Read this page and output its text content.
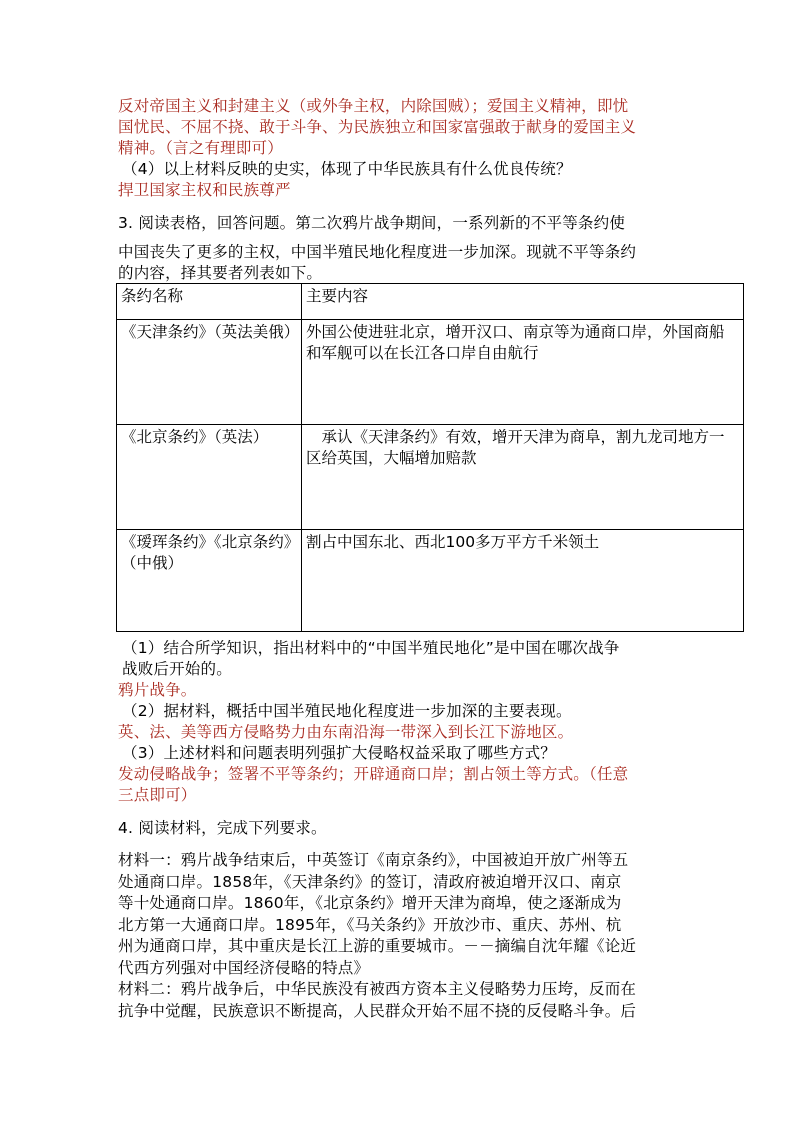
反对帝国主义和封建主义（或外争主权，内除国贼）；爱国主义精神，即忧
国忧民、不屈不挠、敢于斗争、为民族独立和国家富强敢于献身的爱国主义
精神。（言之有理即可）
（4）以上材料反映的史实，体现了中华民族具有什么优良传统？
捍卫国家主权和民族尊严
3. 阅读表格，回答问题。第二次鸦片战争期间，一系列新的不平等条约使
中国丧失了更多的主权，中国半殖民地化程度进一步加深。现就不平等条约
的内容，择其要者列表如下。
条约名称	主要内容
《天津条约》（英法美俄）	外国公使进驻北京，增开汉口、南京等为通商口岸，外国商船和军舰可以在长江各口岸自由航行
《北京条约》（英法）	　承认《天津条约》有效，增开天津为商阜，割九龙司地方一区给英国，大幅增加赔款
《瑷珲条约》《北京条约》（中俄）	割占中国东北、西北100多万平方千米领土
（1）结合所学知识，指出材料中的“中国半殖民地化”是中国在哪次战争
战败后开始的。
鸦片战争。
（2）据材料，概括中国半殖民地化程度进一步加深的主要表现。
英、法、美等西方侵略势力由东南沿海一带深入到长江下游地区。
（3）上述材料和问题表明列强扩大侵略权益采取了哪些方式？
发动侵略战争；签署不平等条约；开辟通商口岸；割占领土等方式。（任意
三点即可）
4. 阅读材料，完成下列要求。
材料一：鸦片战争结束后，中英签订《南京条约》，中国被迫开放广州等五
处通商口岸。1858年，《天津条约》的签订，清政府被迫增开汉口、南京
等十处通商口岸。1860年，《北京条约》增开天津为商埠，使之逐渐成为
北方第一大通商口岸。1895年，《马关条约》开放沙市、重庆、苏州、杭
州为通商口岸，其中重庆是长江上游的重要城市。－－摘编自沈年耀《论近
代西方列强对中国经济侵略的特点》
材料二：鸦片战争后，中华民族没有被西方资本主义侵略势力压垮，反而在
抗争中觉醒，民族意识不断提高，人民群众开始不屈不挠的反侵略斗争。后
